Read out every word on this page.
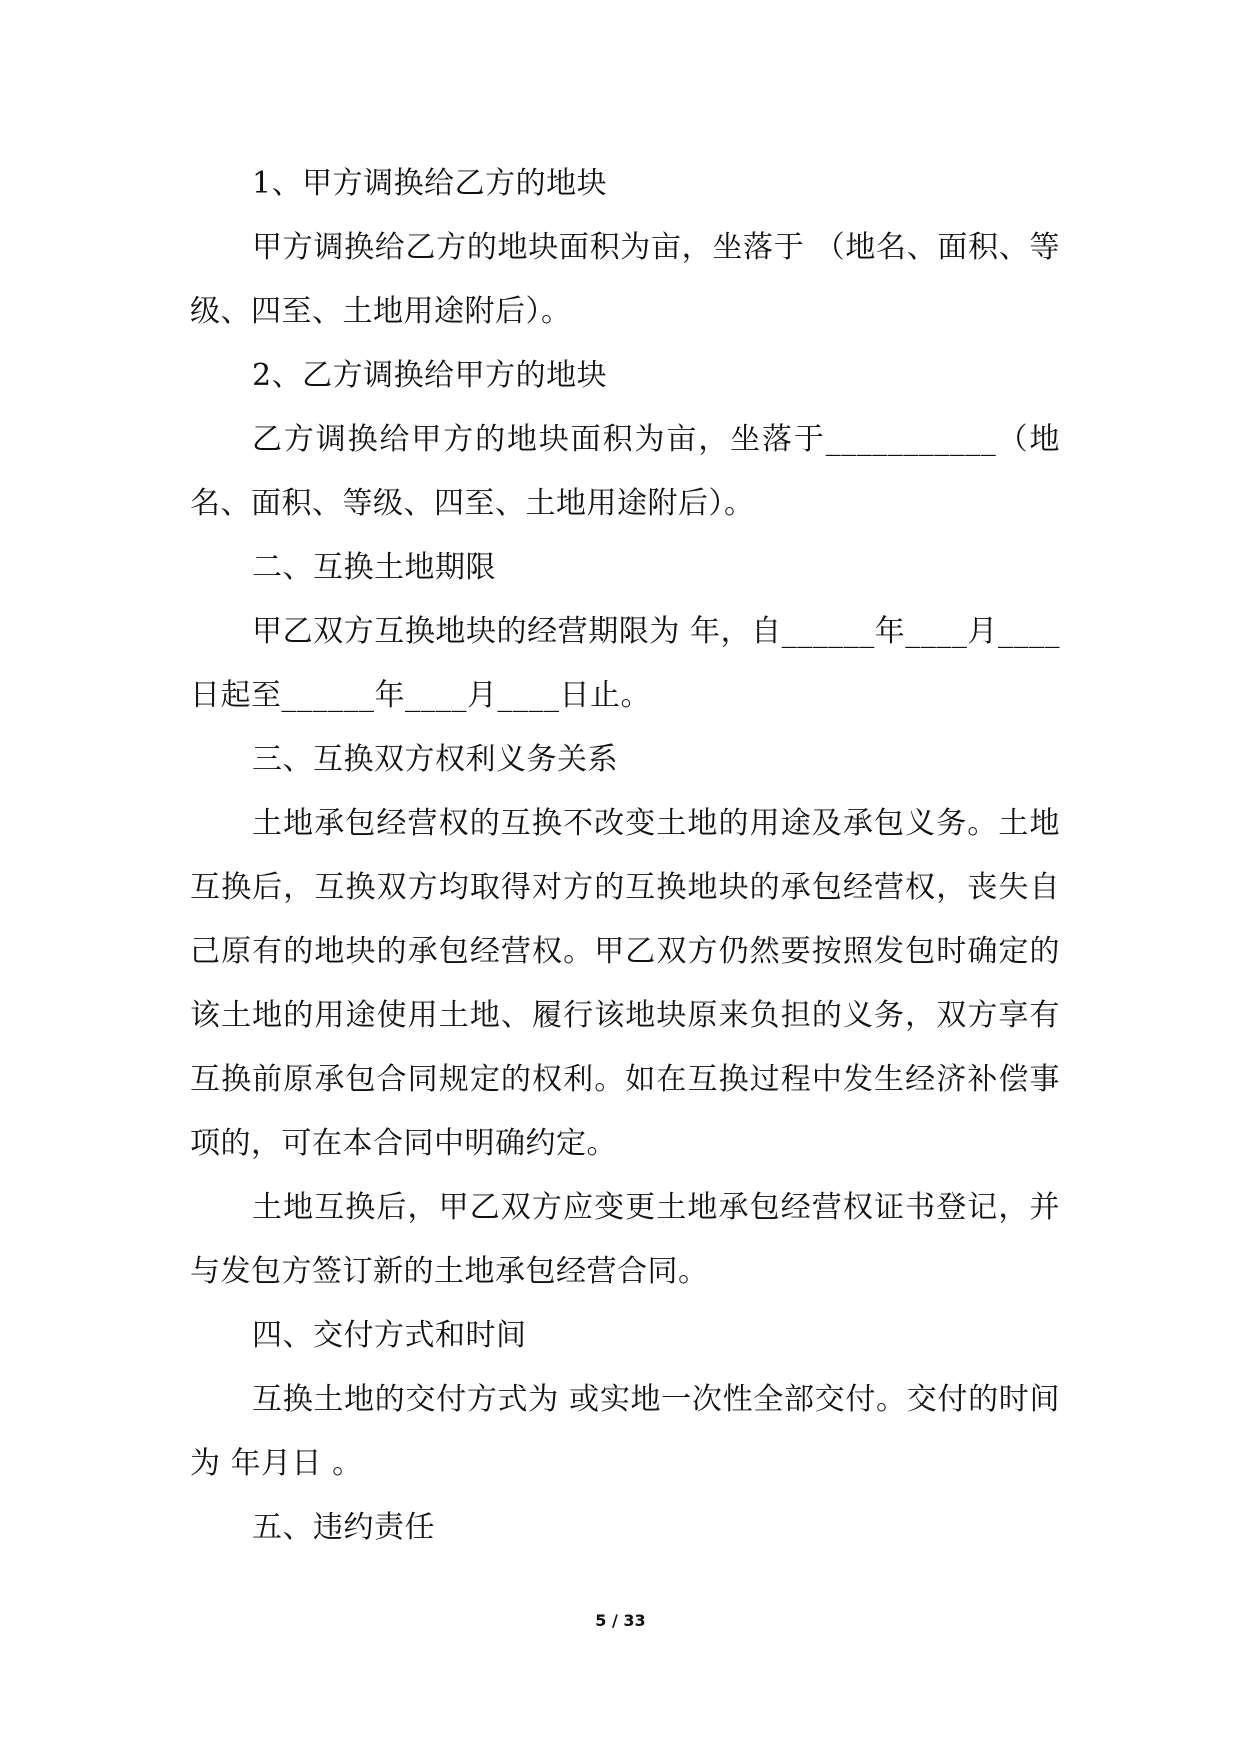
1、甲方调换给乙方的地块

甲方调换给乙方的地块面积为亩，坐落于 （地名、面积、等级、四至、土地用途附后）。

2、乙方调换给甲方的地块

乙方调换给甲方的地块面积为亩，坐落于___________（地名、面积、等级、四至、土地用途附后）。

二、互换土地期限

甲乙双方互换地块的经营期限为 年，自______年____月____日起至______年____月____日止。

三、互换双方权利义务关系

土地承包经营权的互换不改变土地的用途及承包义务。土地互换后，互换双方均取得对方的互换地块的承包经营权，丧失自己原有的地块的承包经营权。甲乙双方仍然要按照发包时确定的该土地的用途使用土地、履行该地块原来负担的义务，双方享有互换前原承包合同规定的权利。如在互换过程中发生经济补偿事项的，可在本合同中明确约定。

土地互换后，甲乙双方应变更土地承包经营权证书登记，并与发包方签订新的土地承包经营合同。

四、交付方式和时间

互换土地的交付方式为 或实地一次性全部交付。交付的时间为 年月日 。

五、违约责任

5 / 33
